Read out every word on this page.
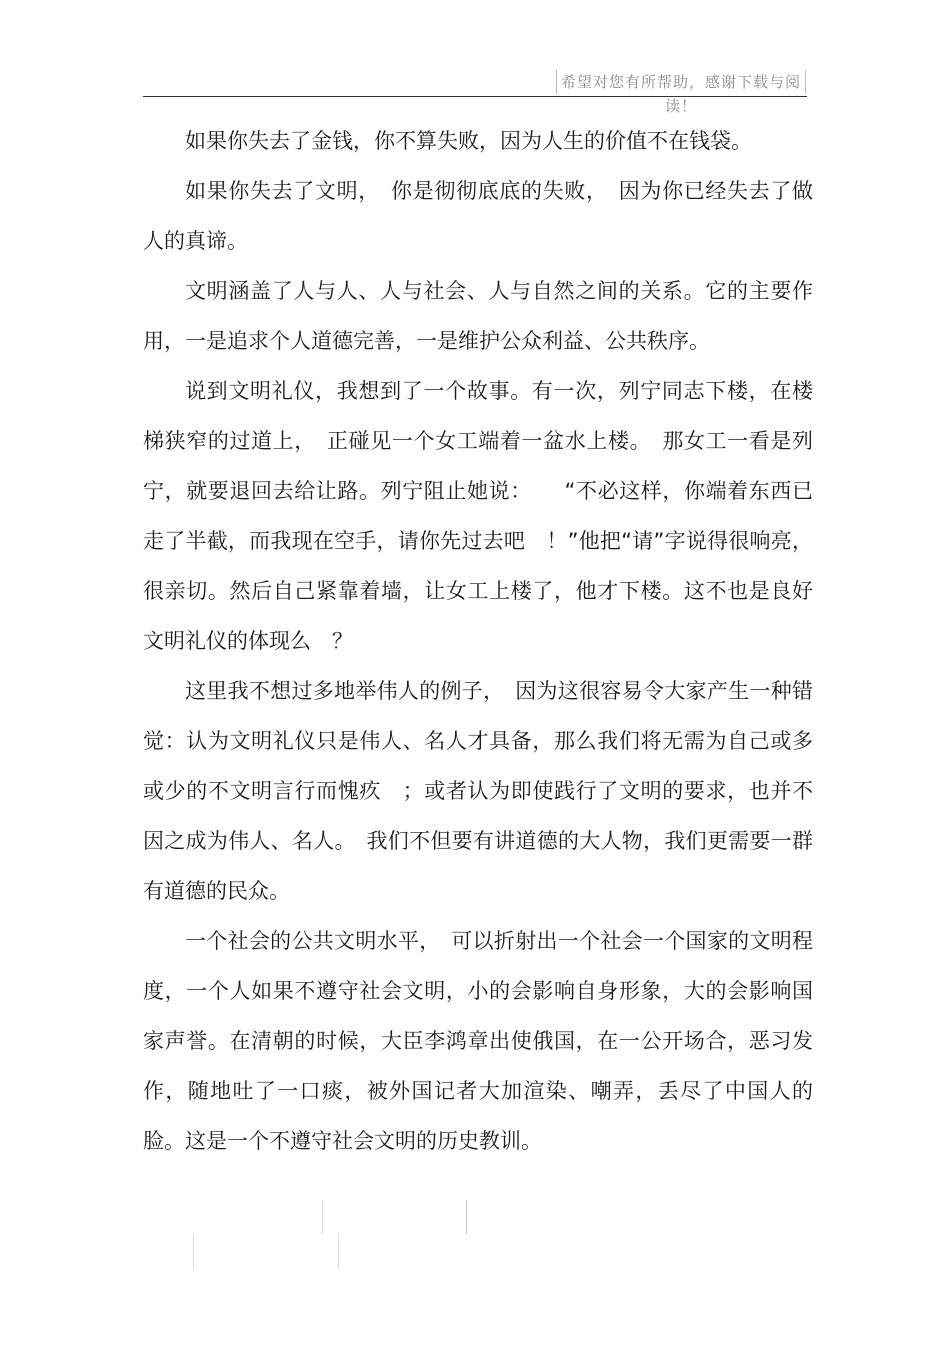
希望对您有所帮助，感谢下载与阅读！

如果你失去了金钱，你不算失败，因为人生的价值不在钱袋。

如果你失去了文明，　你是彻彻底底的失败，　因为你已经失去了做人的真谛。

文明涵盖了人与人、人与社会、人与自然之间的关系。它的主要作用，一是追求个人道德完善，一是维护公众利益、公共秩序。

说到文明礼仪，我想到了一个故事。有一次，列宁同志下楼，在楼梯狭窄的过道上，　正碰见一个女工端着一盆水上楼。　那女工一看是列宁，就要退回去给让路。列宁阻止她说：　　“不必这样，你端着东西已走了半截，而我现在空手，请你先过去吧　！”他把“请”字说得很响亮，很亲切。然后自己紧靠着墙，让女工上楼了，他才下楼。这不也是良好文明礼仪的体现么　？

这里我不想过多地举伟人的例子，　因为这很容易令大家产生一种错觉：认为文明礼仪只是伟人、名人才具备，那么我们将无需为自己或多或少的不文明言行而愧疚　；或者认为即使践行了文明的要求，也并不因之成为伟人、名人。　我们不但要有讲道德的大人物，我们更需要一群有道德的民众。

一个社会的公共文明水平，　可以折射出一个社会一个国家的文明程度，一个人如果不遵守社会文明，小的会影响自身形象，大的会影响国家声誉。在清朝的时候，大臣李鸿章出使俄国，在一公开场合，恶习发作，随地吐了一口痰，被外国记者大加渲染、嘲弄，丢尽了中国人的脸。这是一个不遵守社会文明的历史教训。
